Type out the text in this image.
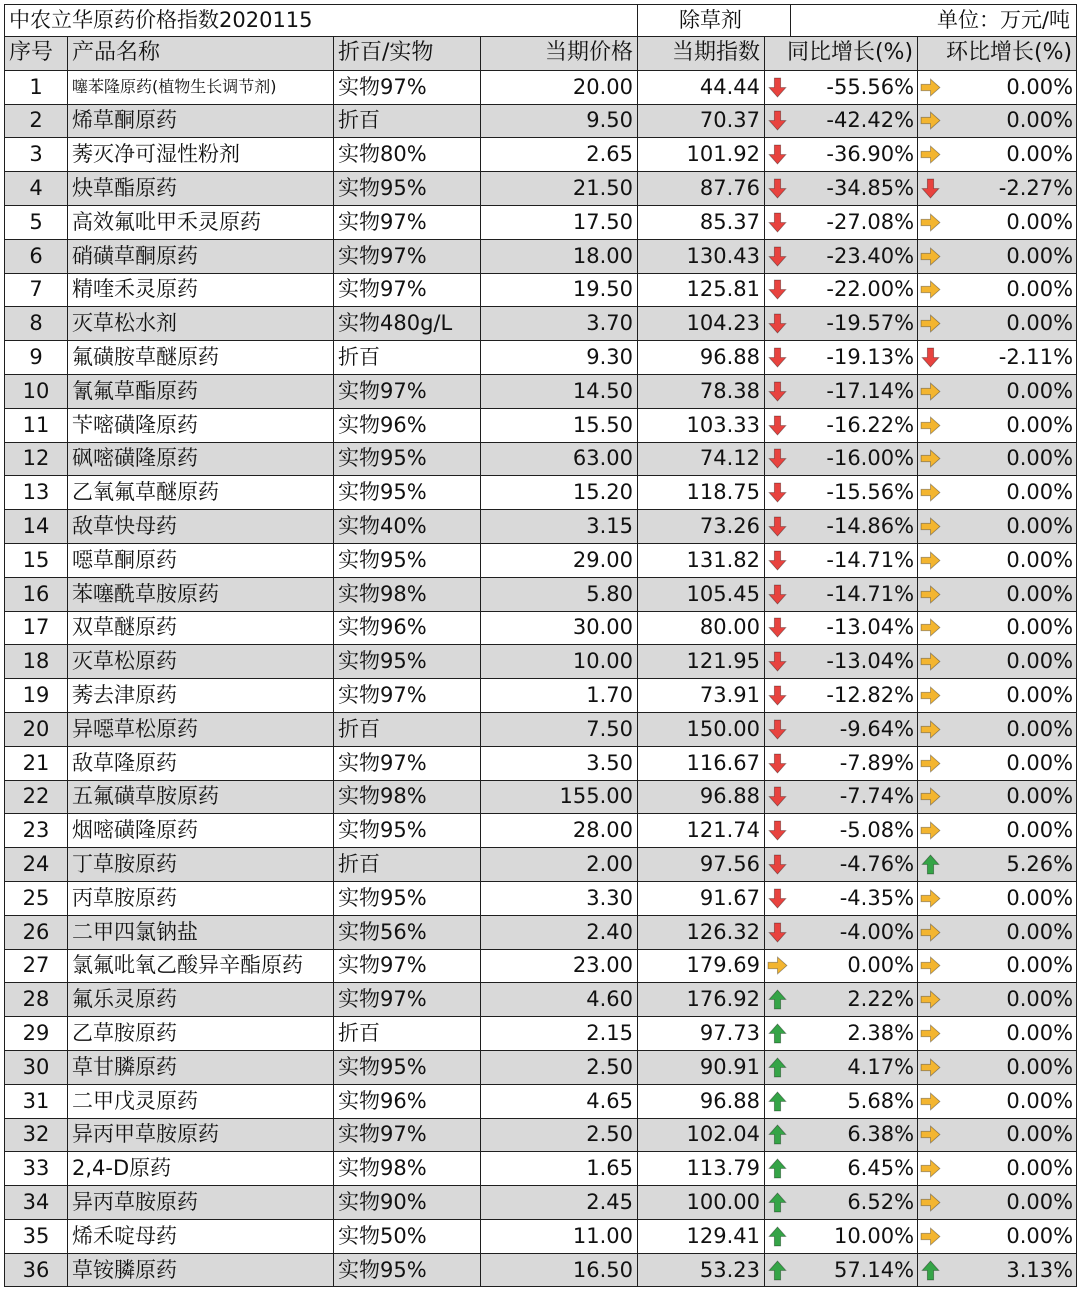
中农立华原药价格指数2020115				除草剂		单位：万元/吨		
序号	产品名称	折百/实物	当期价格	当期指数	同比增长(%)		环比增长(%)	
1	噻苯隆原药(植物生长调节剂)	实物97%	20.00	44.44		-55.56%		0.00%
2	烯草酮原药	折百	9.50	70.37		-42.42%		0.00%
3	莠灭净可湿性粉剂	实物80%	2.65	101.92		-36.90%		0.00%
4	炔草酯原药	实物95%	21.50	87.76		-34.85%		-2.27%
5	高效氟吡甲禾灵原药	实物97%	17.50	85.37		-27.08%		0.00%
6	硝磺草酮原药	实物97%	18.00	130.43		-23.40%		0.00%
7	精喹禾灵原药	实物97%	19.50	125.81		-22.00%		0.00%
8	灭草松水剂	实物480g/L	3.70	104.23		-19.57%		0.00%
9	氟磺胺草醚原药	折百	9.30	96.88		-19.13%		-2.11%
10	氰氟草酯原药	实物97%	14.50	78.38		-17.14%		0.00%
11	苄嘧磺隆原药	实物96%	15.50	103.33		-16.22%		0.00%
12	砜嘧磺隆原药	实物95%	63.00	74.12		-16.00%		0.00%
13	乙氧氟草醚原药	实物95%	15.20	118.75		-15.56%		0.00%
14	敌草快母药	实物40%	3.15	73.26		-14.86%		0.00%
15	噁草酮原药	实物95%	29.00	131.82		-14.71%		0.00%
16	苯噻酰草胺原药	实物98%	5.80	105.45		-14.71%		0.00%
17	双草醚原药	实物96%	30.00	80.00		-13.04%		0.00%
18	灭草松原药	实物95%	10.00	121.95		-13.04%		0.00%
19	莠去津原药	实物97%	1.70	73.91		-12.82%		0.00%
20	异噁草松原药	折百	7.50	150.00		-9.64%		0.00%
21	敌草隆原药	实物97%	3.50	116.67		-7.89%		0.00%
22	五氟磺草胺原药	实物98%	155.00	96.88		-7.74%		0.00%
23	烟嘧磺隆原药	实物95%	28.00	121.74		-5.08%		0.00%
24	丁草胺原药	折百	2.00	97.56		-4.76%		5.26%
25	丙草胺原药	实物95%	3.30	91.67		-4.35%		0.00%
26	二甲四氯钠盐	实物56%	2.40	126.32		-4.00%		0.00%
27	氯氟吡氧乙酸异辛酯原药	实物97%	23.00	179.69		0.00%		0.00%
28	氟乐灵原药	实物97%	4.60	176.92		2.22%		0.00%
29	乙草胺原药	折百	2.15	97.73		2.38%		0.00%
30	草甘膦原药	实物95%	2.50	90.91		4.17%		0.00%
31	二甲戊灵原药	实物96%	4.65	96.88		5.68%		0.00%
32	异丙甲草胺原药	实物97%	2.50	102.04		6.38%		0.00%
33	2,4-D原药	实物98%	1.65	113.79		6.45%		0.00%
34	异丙草胺原药	实物90%	2.45	100.00		6.52%		0.00%
35	烯禾啶母药	实物50%	11.00	129.41		10.00%		0.00%
36	草铵膦原药	实物95%	16.50	53.23		57.14%		3.13%
